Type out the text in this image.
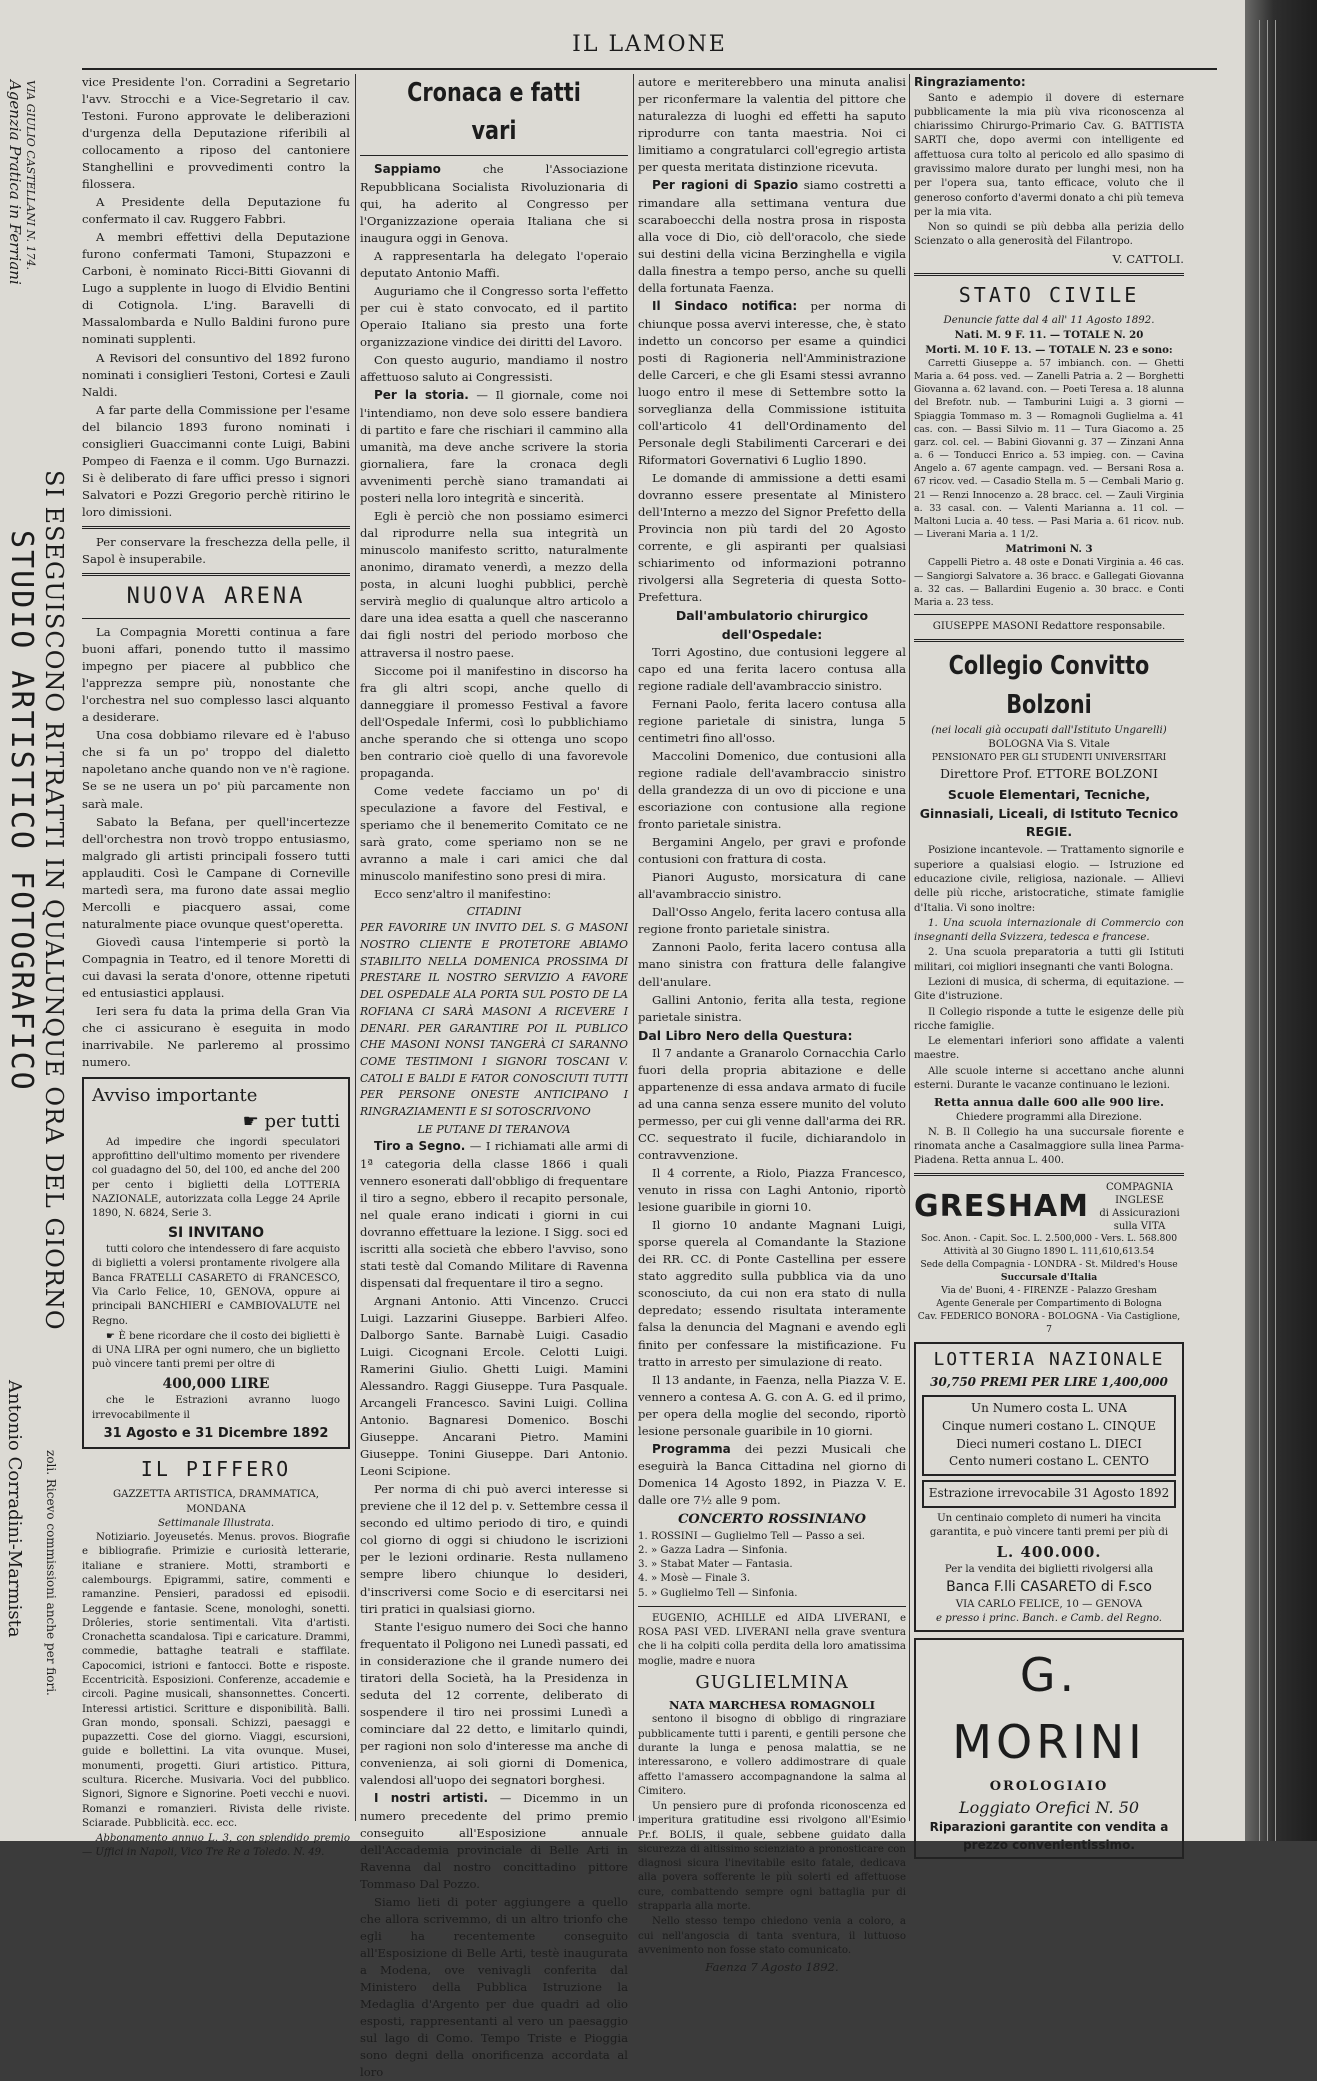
IL LAMONE
Agenzia Pratica in Ferriani VIA GIULIO CASTELLANI N. 174.
SI ESEGUISCONO RITRATTI IN QUALUNQUE ORA DEL GIORNO
STUDIO ARTISTICO FOTOGRAFICO
Antonio Corradini-Marmista zoli. Ricevo commissioni anche per fiori.

vice Presidente l'on. Corradini a Segretario l'avv. Strocchi e a Vice-Segretario il cav. Testoni. Furono approvate le deliberazioni d'urgenza della Deputazione riferibili al collocamento a riposo del cantoniere Stanghellini e provvedimenti contro la filossera.

A Presidente della Deputazione fu confermato il cav. Ruggero Fabbri.

A membri effettivi della Deputazione furono confermati Tamoni, Stupazzoni e Carboni, è nominato Ricci-Bitti Giovanni di Lugo a supplente in luogo di Elvidio Bentini di Cotignola. L'ing. Baravelli di Massalombarda e Nullo Baldini furono pure nominati supplenti.

A Revisori del consuntivo del 1892 furono nominati i consiglieri Testoni, Cortesi e Zauli Naldi.

A far parte della Commissione per l'esame del bilancio 1893 furono nominati i consiglieri Guaccimanni conte Luigi, Babini Pompeo di Faenza e il comm. Ugo Burnazzi. Si è deliberato di fare uffici presso i signori Salvatori e Pozzi Gregorio perchè ritirino le loro dimissioni.

Per conservare la freschezza della pelle, il Sapol è insuperabile.

NUOVA ARENA

La Compagnia Moretti continua a fare buoni affari, ponendo tutto il massimo impegno per piacere al pubblico che l'apprezza sempre più, nonostante che l'orchestra nel suo complesso lasci alquanto a desiderare.

Una cosa dobbiamo rilevare ed è l'abuso che si fa un po' troppo del dialetto napoletano anche quando non ve n'è ragione. Se se ne usera un po' più parcamente non sarà male.

Sabato la Befana, per quell'incertezze dell'orchestra non trovò troppo entusiasmo, malgrado gli artisti principali fossero tutti applauditi. Così le Campane di Corneville martedì sera, ma furono date assai meglio Mercolli e piacquero assai, come naturalmente piace ovunque quest'operetta.

Giovedì causa l'intemperie si portò la Compagnia in Teatro, ed il tenore Moretti di cui davasi la serata d'onore, ottenne ripetuti ed entusiastici applausi.

Ieri sera fu data la prima della Gran Via che ci assicurano è eseguita in modo inarrivabile. Ne parleremo al prossimo numero.

Avviso importante
☛ per tutti

Ad impedire che ingordi speculatori approfittino dell'ultimo momento per rivendere col guadagno del 50, del 100, ed anche del 200 per cento i biglietti della LOTTERIA NAZIONALE, autorizzata colla Legge 24 Aprile 1890, N. 6824, Serie 3.

SI INVITANO

tutti coloro che intendessero di fare acquisto di biglietti a volersi prontamente rivolgere alla Banca FRATELLI CASARETO di FRANCESCO, Via Carlo Felice, 10, GENOVA, oppure ai principali BANCHIERI e CAMBIOVALUTE nel Regno.

☛ È bene ricordare che il costo dei biglietti è di UNA LIRA per ogni numero, che un biglietto può vincere tanti premi per oltre di

400,000 LIRE

che le Estrazioni avranno luogo irrevocabilmente il

31 Agosto e 31 Dicembre 1892
IL PIFFERO
GAZZETTA ARTISTICA, DRAMMATICA, MONDANA
Settimanale Illustrata.

Notiziario. Joyeusetés. Menus. provos. Biografie e bibliografie. Primizie e curiosità letterarie, italiane e straniere. Motti, stramborti e calembourgs. Epigrammi, satire, commenti e ramanzine. Pensieri, paradossi ed episodii. Leggende e fantasie. Scene, monologhi, sonetti. Drôleries, storie sentimentali. Vita d'artisti. Cronachetta scandalosa. Tipi e caricature. Drammi, commedie, battaghe teatrali e staffilate. Capocomici, istrioni e fantocci. Botte e risposte. Eccentricità. Esposizioni. Conferenze, accademie e circoli. Pagine musicali, shansonnettes. Concerti. Interessi artistici. Scritture e disponibilità. Balli. Gran mondo, sponsali. Schizzi, paesaggi e pupazzetti. Cose del giorno. Viaggi, escursioni, guide e bollettini. La vita ovunque. Musei, monumenti, progetti. Giuri artistico. Pittura, scultura. Ricerche. Musivaria. Voci del pubblico. Signori, Signore e Signorine. Poeti vecchi e nuovi. Romanzi e romanzieri. Rivista delle riviste. Sciarade. Pubblicità. ecc. ecc.

Abbonamento annuo L. 3, con splendido premio — Uffici in Napoli, Vico Tre Re a Toledo. N. 49.

Cronaca e fatti vari

Sappiamo	che l'Associazione Repubblicana Socialista Rivoluzionaria di qui, ha aderito al Congresso per l'Organizzazione operaia Italiana che si inaugura oggi in Genova.

A rappresentarla ha delegato l'operaio deputato Antonio Maffi.

Auguriamo che il Congresso sorta l'effetto per cui è stato convocato, ed il partito Operaio Italiano sia presto una forte organizzazione vindice dei diritti del Lavoro.

Con questo augurio, mandiamo il nostro affettuoso saluto ai Congressisti.

Per la storia. — Il giornale, come noi l'intendiamo, non deve solo essere bandiera di partito e fare che rischiari il cammino alla umanità, ma deve anche scrivere la storia giornaliera, fare la cronaca degli avvenimenti perchè siano tramandati ai posteri nella loro integrità e sincerità.

Egli è perciò che non possiamo esimerci dal riprodurre nella sua integrità un minuscolo manifesto scritto, naturalmente anonimo, diramato venerdì, a mezzo della posta, in alcuni luoghi pubblici, perchè servirà meglio di qualunque altro articolo a dare una idea esatta a quell che nasceranno dai figli nostri del periodo morboso che attraversa il nostro paese.

Siccome poi il manifestino in discorso ha fra gli altri scopi, anche quello di danneggiare il promesso Festival a favore dell'Ospedale Infermi, così lo pubblichiamo anche sperando che si ottenga uno scopo ben contrario cioè quello di una favorevole propaganda.

Come vedete facciamo un po' di speculazione a favore del Festival, e speriamo che il benemerito Comitato ce ne sarà grato, come speriamo non se ne avranno a male i cari amici che dal minuscolo manifestino sono presi di mira.

Ecco senz'altro il manifestino:

CITADINI

PER FAVORIRE UN INVITO DEL S. G MASONI NOSTRO CLIENTE E PROTETORE ABIAMO STABILITO NELLA DOMENICA PROSSIMA DI PRESTARE IL NOSTRO SERVIZIO A FAVORE DEL OSPEDALE ALA PORTA SUL POSTO DE LA ROFIANA CI SARÀ MASONI A RICEVERE I DENARI. PER GARANTIRE POI IL PUBLICO CHE MASONI NONSI TANGERÀ CI SARANNO COME TESTIMONI I SIGNORI TOSCANI V. CATOLI E BALDI E FATOR CONOSCIUTI TUTTI PER PERSONE ONESTE ANTICIPANO I RINGRAZIAMENTI E SI SOTOSCRIVONO

LE PUTANE DI TERANOVA

Tiro a Segno. — I richiamati alle armi di 1ª categoria della classe 1866 i quali vennero esonerati dall'obbligo di frequentare il tiro a segno, ebbero il recapito personale, nel quale erano indicati i giorni in cui dovranno effettuare la lezione. I Sigg. soci ed iscritti alla società che ebbero l'avviso, sono stati testè dal Comando Militare di Ravenna dispensati dal frequentare il tiro a segno.

Argnani Antonio. Atti Vincenzo. Crucci Luigi. Lazzarini Giuseppe. Barbieri Alfeo. Dalborgo Sante. Barnabè Luigi. Casadio Luigi. Cicognani Ercole. Celotti Luigi. Ramerini Giulio. Ghetti Luigi. Mamini Alessandro. Raggi Giuseppe. Tura Pasquale. Arcangeli Francesco. Savini Luigi. Collina Antonio. Bagnaresi Domenico. Boschi Giuseppe. Ancarani Pietro. Mamini Giuseppe. Tonini Giuseppe. Dari Antonio. Leoni Scipione.

Per norma di chi può averci interesse si previene che il 12 del p. v. Settembre cessa il secondo ed ultimo periodo di tiro, e quindi col giorno di oggi si chiudono le iscrizioni per le lezioni ordinarie. Resta nullameno sempre libero chiunque lo desideri, d'inscriversi come Socio e di esercitarsi nei tiri pratici in qualsiasi giorno.

Stante l'esiguo numero dei Soci che hanno frequentato il Poligono nei Lunedì passati, ed in considerazione che il grande numero dei tiratori della Società, ha la Presidenza in seduta del 12 corrente, deliberato di sospendere il tiro nei prossimi Lunedì a cominciare dal 22 detto, e limitarlo quindi, per ragioni non solo d'interesse ma anche di convenienza, ai soli giorni di Domenica, valendosi all'uopo dei segnatori borghesi.

I nostri artisti. — Dicemmo in un numero precedente del primo premio conseguito all'Esposizione annuale dell'Accademia provinciale di Belle Arti in Ravenna dal nostro concittadino pittore Tommaso Dal Pozzo.

Siamo lieti di poter aggiungere a quello che allora scrivemmo, di un altro trionfo che egli ha recentemente conseguito all'Esposizione di Belle Arti, testè inaugurata a Modena, ove venivagli conferita dal Ministero della Pubblica Istruzione la Medaglia d'Argento per due quadri ad olio esposti, rappresentanti al vero un paesaggio sul lago di Como. Tempo Triste e Pioggia sono degni della onorificenza accordata al loro

autore e meriterebbero una minuta analisi per riconfermare la valentia del pittore che naturalezza di luoghi ed effetti ha saputo riprodurre con tanta maestria. Noi ci limitiamo a congratularci coll'egregio artista per questa meritata distinzione ricevuta.

Per ragioni di Spazio siamo costretti a rimandare alla settimana ventura due scaraboecchi della nostra prosa in risposta alla voce di Dio, ciò dell'oracolo, che siede sui destini della vicina Berzinghella e vigila dalla finestra a tempo perso, anche su quelli della fortunata Faenza.

Il Sindaco notifica: per norma di chiunque possa avervi interesse, che, è stato indetto un concorso per esame a quindici posti di Ragioneria nell'Amministrazione delle Carceri, e che gli Esami stessi avranno luogo entro il mese di Settembre sotto la sorveglianza della Commissione istituita coll'articolo 41 dell'Ordinamento del Personale degli Stabilimenti Carcerari e dei Riformatori Governativi 6 Luglio 1890.

Le domande di ammissione a detti esami dovranno essere presentate al Ministero dell'Interno a mezzo del Signor Prefetto della Provincia non più tardi del 20 Agosto corrente, e gli aspiranti per qualsiasi schiarimento od informazioni potranno rivolgersi alla Segreteria di questa Sotto-Prefettura.

Dall'ambulatorio chirurgico dell'Ospedale:

Torri Agostino, due contusioni leggere al capo ed una ferita lacero contusa alla regione radiale dell'avambraccio sinistro.

Fernani Paolo, ferita lacero contusa alla regione parietale di sinistra, lunga 5 centimetri fino all'osso.

Maccolini Domenico, due contusioni alla regione radiale dell'avambraccio sinistro della grandezza di un ovo di piccione e una escoriazione con contusione alla regione fronto parietale sinistra.

Bergamini Angelo, per gravi e profonde contusioni con frattura di costa.

Pianori Augusto, morsicatura di cane all'avambraccio sinistro.

Dall'Osso Angelo, ferita lacero contusa alla regione fronto parietale sinistra.

Zannoni Paolo, ferita lacero contusa alla mano sinistra con frattura delle falangive dell'anulare.

Gallini Antonio, ferita alla testa, regione parietale sinistra.

Dal Libro Nero della Questura:

Il 7 andante a Granarolo Cornacchia Carlo fuori della propria abitazione e delle appartenenze di essa andava armato di fucile ad una canna senza essere munito del voluto permesso, per cui gli venne dall'arma dei RR. CC. sequestrato il fucile, dichiarandolo in contravvenzione.

Il 4 corrente, a Riolo, Piazza Francesco, venuto in rissa con Laghi Antonio, riportò lesione guaribile in giorni 10.

Il giorno 10 andante Magnani Luigi, sporse querela al Comandante la Stazione dei RR. CC. di Ponte Castellina per essere stato aggredito sulla pubblica via da uno sconosciuto, da cui non era stato di nulla depredato; essendo risultata interamente falsa la denuncia del Magnani e avendo egli finito per confessare la mistificazione. Fu tratto in arresto per simulazione di reato.

Il 13 andante, in Faenza, nella Piazza V. E. vennero a contesa A. G. con A. G. ed il primo, per opera della moglie del secondo, riportò lesione personale guaribile in 10 giorni.

Programma dei pezzi Musicali che eseguirà la Banca Cittadina nel giorno di Domenica 14 Agosto 1892, in Piazza V. E. dalle ore 7½ alle 9 pom.

CONCERTO ROSSINIANO
1. ROSSINI — Guglielmo Tell — Passo a sei.
2. » Gazza Ladra — Sinfonia.
3. » Stabat Mater — Fantasia.
4. » Mosè — Finale 3.
5. » Guglielmo Tell — Sinfonia.

EUGENIO, ACHILLE ed AIDA LIVERANI, e ROSA PASI VED. LIVERANI nella grave sventura che li ha colpiti colla perdita della loro amatissima moglie, madre e nuora

GUGLIELMINA
NATA MARCHESA ROMAGNOLI

sentono il bisogno di obbligo di ringraziare pubblicamente tutti i parenti, e gentili persone che durante la lunga e penosa malattia, se ne interessarono, e vollero addimostrare di quale affetto l'amassero accompagnandone la salma al Cimitero.

Un pensiero pure di profonda riconoscenza ed imperitura gratitudine essi rivolgono all'Esimio Pr.f. BOLIS, il quale, sebbene guidato dalla sicurezza di altissimo scienziato a pronosticare con diagnosi sicura l'inevitabile esito fatale, dedicava alla povera sofferente le più solerti ed affettuose cure, combattendo sempre ogni battaglia pur di strapparla alla morte.

Nello stesso tempo chiedono venia a coloro, a cui nell'angoscia di tanta sventura, il luttuoso avvenimento non fosse stato comunicato.

Faenza 7 Agosto 1892.
Ringraziamento:

Santo e adempio il dovere di esternare pubblicamente la mia più viva riconoscenza al chiarissimo Chirurgo-Primario Cav. G. BATTISTA SARTI che, dopo avermi con intelligente ed affettuosa cura tolto al pericolo ed allo spasimo di gravissimo malore durato per lunghi mesi, non ha per l'opera sua, tanto efficace, voluto che il generoso conforto d'avermi donato a chi più temeva per la mia vita.

Non so quindi se più debba alla perizia dello Scienzato o alla generosità del Filantropo.

V. CATTOLI.
STATO CIVILE
Denuncie fatte dal 4 all' 11 Agosto 1892.
Nati. M. 9 F. 11. — TOTALE N. 20
Morti. M. 10 F. 13. — TOTALE N. 23 e sono:

Carretti Giuseppe a. 57 imbianch. con. — Ghetti Maria a. 64 poss. ved. — Zanelli Patria a. 2 — Borghetti Giovanna a. 62 lavand. con. — Poeti Teresa a. 18 alunna del Brefotr. nub. — Tamburini Luigi a. 3 giorni — Spiaggia Tommaso m. 3 — Romagnoli Guglielma a. 41 cas. con. — Bassi Silvio m. 11 — Tura Giacomo a. 25 garz. col. cel. — Babini Giovanni g. 37 — Zinzani Anna a. 6 — Tonducci Enrico a. 53 impieg. con. — Cavina Angelo a. 67 agente campagn. ved. — Bersani Rosa a. 67 ricov. ved. — Casadio Stella m. 5 — Cembali Mario g. 21 — Renzi Innocenzo a. 28 bracc. cel. — Zauli Virginia a. 33 casal. con. — Valenti Marianna a. 11 col. — Maltoni Lucia a. 40 tess. — Pasi Maria a. 61 ricov. nub. — Liverani Maria a. 1 1/2.

Matrimoni N. 3

Cappelli Pietro a. 48 oste e Donati Virginia a. 46 cas. — Sangiorgi Salvatore a. 36 bracc. e Gallegati Giovanna a. 32 cas. — Ballardini Eugenio a. 30 bracc. e Conti Maria a. 23 tess.

GIUSEPPE MASONI Redattore responsabile.
Collegio Convitto Bolzoni
(nei locali già occupati dall'Istituto Ungarelli)
BOLOGNA Via S. Vitale
PENSIONATO PER GLI STUDENTI UNIVERSITARI
Direttore Prof. ETTORE BOLZONI
Scuole Elementari, Tecniche, Ginnasiali, Liceali, di Istituto Tecnico REGIE.

Posizione incantevole. — Trattamento signorile e superiore a qualsiasi elogio. — Istruzione ed educazione civile, religiosa, nazionale. — Allievi delle più ricche, aristocratiche, stimate famiglie d'Italia. Vi sono inoltre:

1. Una scuola internazionale di Commercio con insegnanti della Svizzera, tedesca e francese.

2. Una scuola preparatoria a tutti gli Istituti militari, coi migliori insegnanti che vanti Bologna.

Lezioni di musica, di scherma, di equitazione. — Gite d'istruzione.

Il Collegio risponde a tutte le esigenze delle più ricche famiglie.

Le elementari inferiori sono affidate a valenti maestre.

Alle scuole interne si accettano anche alunni esterni. Durante le vacanze continuano le lezioni.

Retta annua dalle 600 alle 900 lire.
Chiedere programmi alla Direzione.

N. B. Il Collegio ha una succursale fiorente e rinomata anche a Casalmaggiore sulla linea Parma-Piadena. Retta annua L. 400.

GRESHAM
COMPAGNIA INGLESE
di Assicurazioni sulla VITA
Soc. Anon. - Capit. Soc. L. 2.500,000 - Vers. L. 568.800
Attività al 30 Giugno 1890 L. 111,610,613.54
Sede della Compagnia - LONDRA - St. Mildred's House
Succursale d'Italia
Via de' Buoni, 4 - FIRENZE - Palazzo Gresham
Agente Generale per Compartimento di Bologna
Cav. FEDERICO BONORA - BOLOGNA - Via Castiglione, 7
LOTTERIA NAZIONALE
30,750 PREMI PER LIRE 1,400,000
Un Numero costa L. UNA
Cinque numeri costano L. CINQUE
Dieci numeri costano L. DIECI
Cento numeri costano L. CENTO
Estrazione irrevocabile 31 Agosto 1892

Un centinaio completo di numeri ha vincita garantita, e può vincere tanti premi per più di

L. 400.000.
Per la vendita dei biglietti rivolgersi alla
Banca F.lli CASARETO di F.sco
VIA CARLO FELICE, 10 — GENOVA
e presso i princ. Banch. e Camb. del Regno.
G. MORINI
OROLOGIAIO
Loggiato Orefici N. 50
Riparazioni garantite con vendita a prezzo convenientissimo.
